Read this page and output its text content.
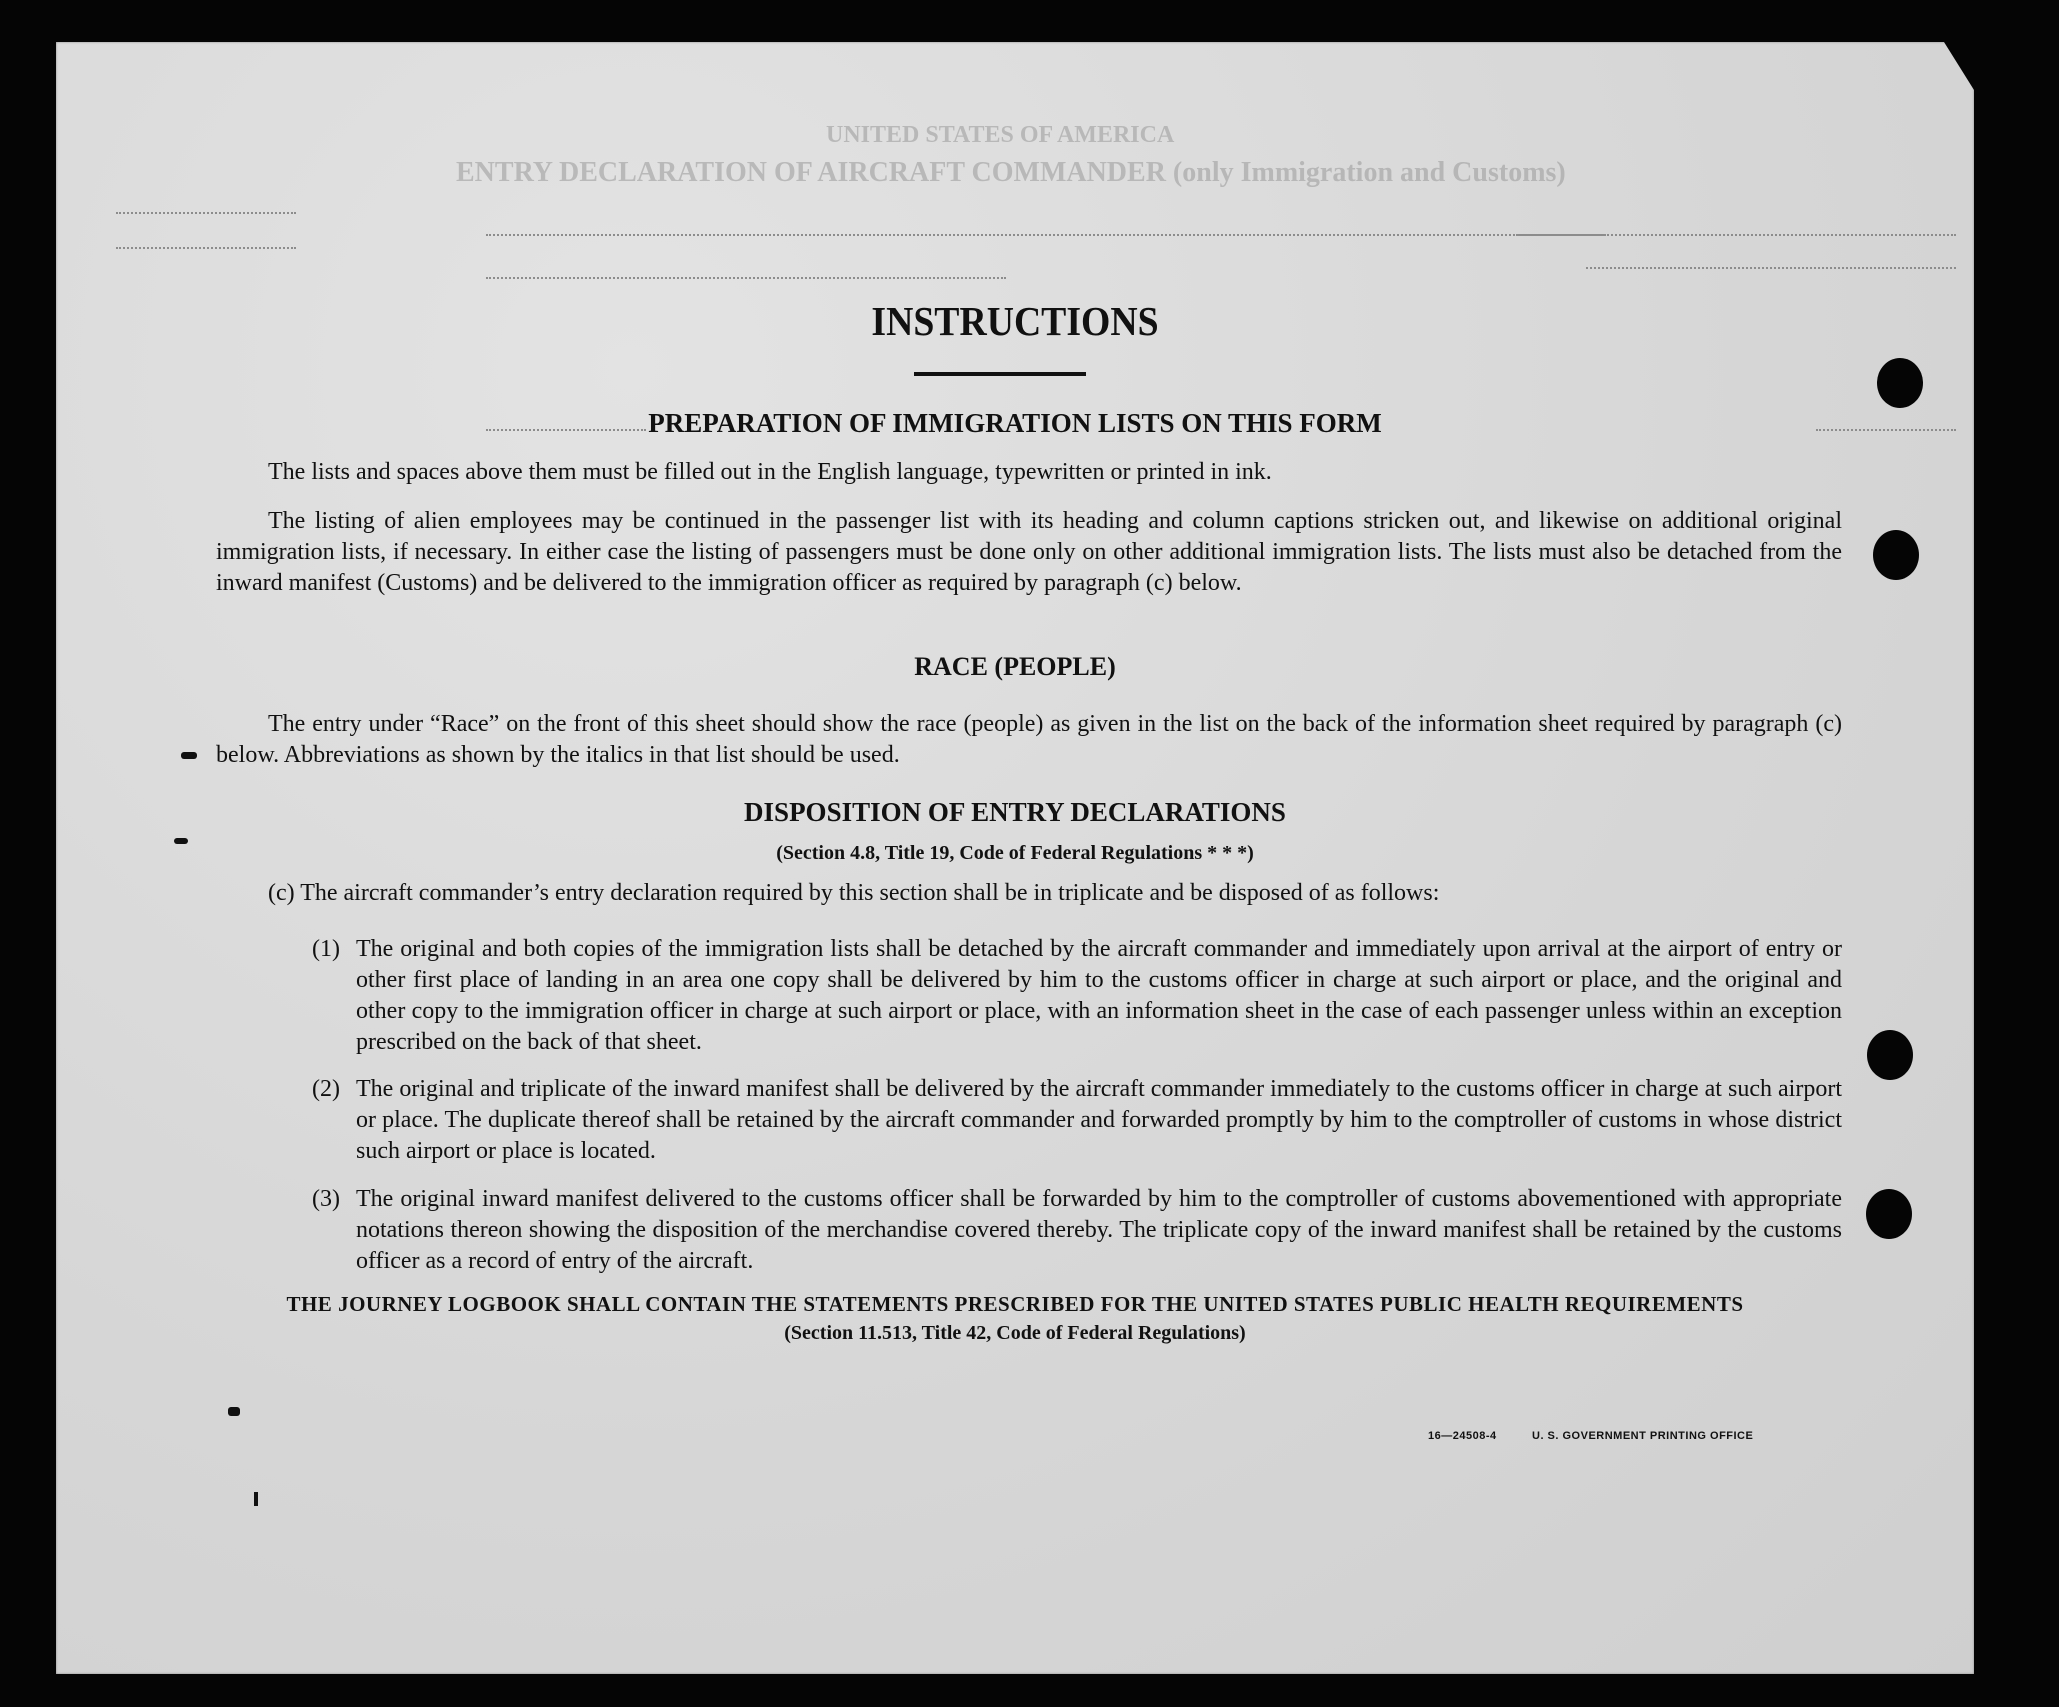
UNITED STATES OF AMERICA
ENTRY DECLARATION OF AIRCRAFT COMMANDER (only Immigration and Customs)
INSTRUCTIONS
PREPARATION OF IMMIGRATION LISTS ON THIS FORM

The lists and spaces above them must be filled out in the English language, typewritten or printed in ink.

The listing of alien employees may be continued in the passenger list with its heading and column captions stricken out, and likewise on additional original immigration lists, if necessary. In either case the listing of passengers must be done only on other additional immigration lists. The lists must also be detached from the inward manifest (Customs) and be delivered to the immigration officer as required by paragraph (c) below.

RACE (PEOPLE)

The entry under “Race” on the front of this sheet should show the race (people) as given in the list on the back of the information sheet required by paragraph (c) below. Abbreviations as shown by the italics in that list should be used.

DISPOSITION OF ENTRY DECLARATIONS
(Section 4.8, Title 19, Code of Federal Regulations * * *)

(c) The aircraft commander’s entry declaration required by this section shall be in triplicate and be disposed of as follows:

(1) The original and both copies of the immigration lists shall be detached by the aircraft commander and immediately upon arrival at the airport of entry or other first place of landing in an area one copy shall be delivered by him to the customs officer in charge at such airport or place, and the original and other copy to the immigration officer in charge at such airport or place, with an information sheet in the case of each passenger unless within an exception prescribed on the back of that sheet.
(2) The original and triplicate of the inward manifest shall be delivered by the aircraft commander immediately to the customs officer in charge at such airport or place. The duplicate thereof shall be retained by the aircraft commander and forwarded promptly by him to the comptroller of customs in whose district such airport or place is located.
(3) The original inward manifest delivered to the customs officer shall be forwarded by him to the comptroller of customs abovementioned with appropriate notations thereon showing the disposition of the merchandise covered thereby. The triplicate copy of the inward manifest shall be retained by the customs officer as a record of entry of the aircraft.
THE JOURNEY LOGBOOK SHALL CONTAIN THE STATEMENTS PRESCRIBED FOR THE UNITED STATES PUBLIC HEALTH REQUIREMENTS
(Section 11.513, Title 42, Code of Federal Regulations)
16—24508-4	U. S. GOVERNMENT PRINTING OFFICE
